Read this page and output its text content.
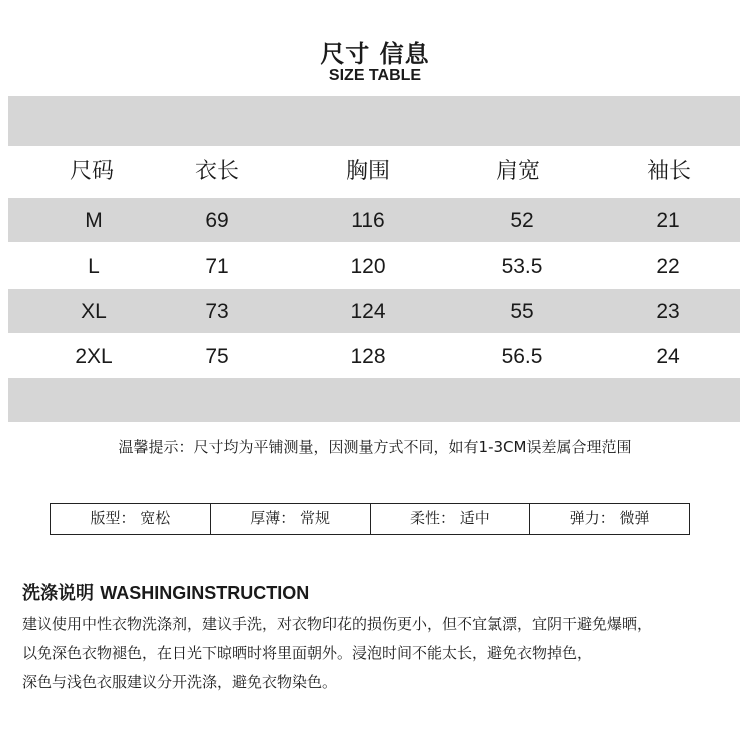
尺寸 信息
SIZE TABLE
尺码	衣长	胸围	肩宽	袖长
M	69	116	52	21
L	71	120	53.5	22
XL	73	124	55	23
2XL	75	128	56.5	24
温馨提示：尺寸均为平铺测量，因测量方式不同，如有1-3CM误差属合理范围
版型： 宽松	厚薄： 常规	柔性： 适中	弹力： 微弹
洗涤说明 WASHINGINSTRUCTION
建议使用中性衣物洗涤剂，建议手洗，对衣物印花的损伤更小，但不宜氯漂，宜阴干避免爆晒，
以免深色衣物褪色，在日光下晾晒时将里面朝外。浸泡时间不能太长，避免衣物掉色，
深色与浅色衣服建议分开洗涤，避免衣物染色。
